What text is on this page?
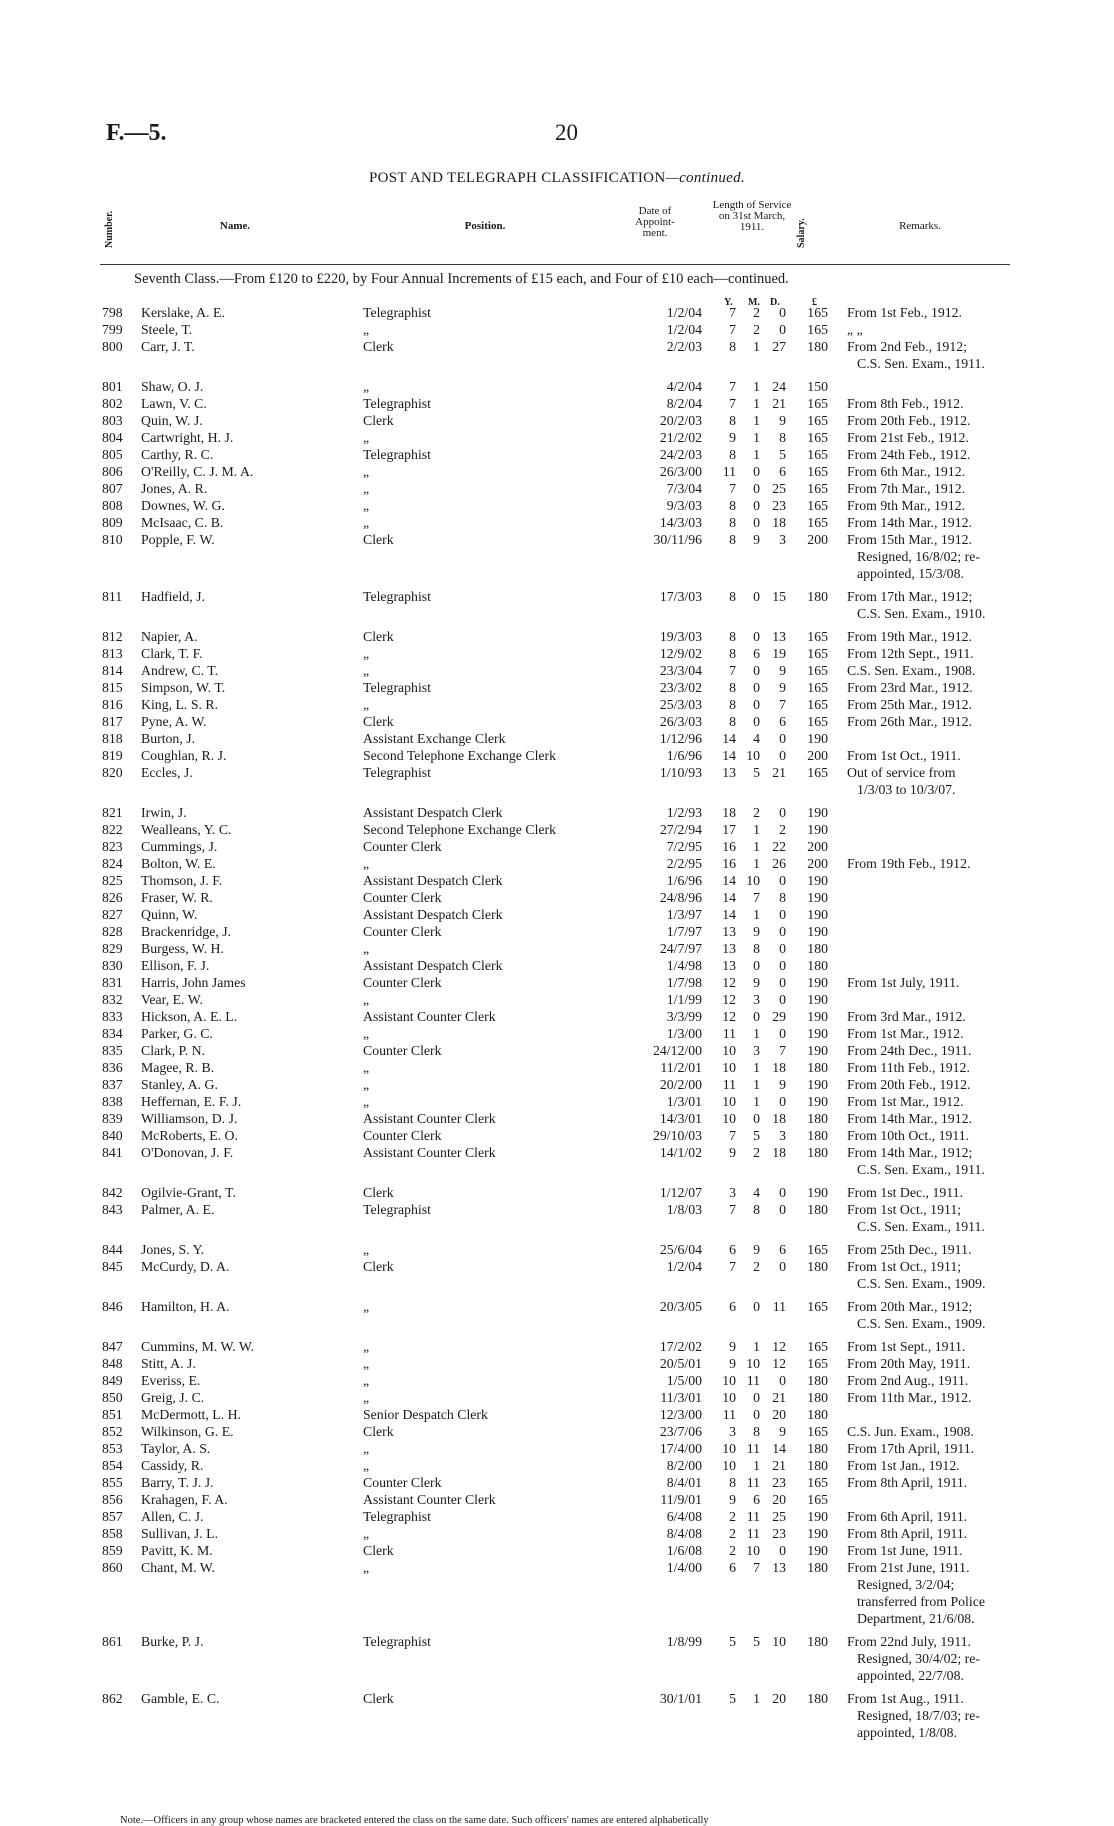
F.—5.	20
POST AND TELEGRAPH CLASSIFICATION—continued.
Number.	Name.	Position.
Date of Appoint- ment.
Length of Service on 31st March, 1911.	Salary.	Remarks.
Seventh Class.—From £120 to £220, by Four Annual Increments of £15 each, and Four of £10 each—continued.
Y. M. D.	£
798	Kerslake, A. E.	Telegraphist	1/2/04	7	2	0	165 From 1st Feb., 1912.
799	Steele, T.	„	1/2/04	7	2	0	165 „ „
800	Carr, J. T.	Clerk	2/2/03	8	1 27	180 From 2nd Feb., 1912;
C.S. Sen. Exam., 1911.
801	Shaw, O. J.	„	4/2/04	7	1 24	150
802	Lawn, V. C.	Telegraphist	8/2/04	7	1 21	165 From 8th Feb., 1912.
803	Quin, W. J.	Clerk	20/2/03	8	1	9	165 From 20th Feb., 1912.
804	Cartwright, H. J.	„	21/2/02	9	1	8	165 From 21st Feb., 1912.
805	Carthy, R. C.	Telegraphist	24/2/03	8	1	5	165 From 24th Feb., 1912.
806	O'Reilly, C. J. M. A.	„	26/3/00	11	0	6	165 From 6th Mar., 1912.
807	Jones, A. R.	„	7/3/04	7	0 25	165 From 7th Mar., 1912.
808	Downes, W. G.	„	9/3/03	8	0 23	165 From 9th Mar., 1912.
809	McIsaac, C. B.	„	14/3/03	8	0 18	165 From 14th Mar., 1912.
810	Popple, F. W.	Clerk	30/11/96	8	9	3	200 From 15th Mar., 1912.
Resigned, 16/8/02; re-
appointed, 15/3/08.
811	Hadfield, J.	Telegraphist	17/3/03	8	0 15	180 From 17th Mar., 1912;
C.S. Sen. Exam., 1910.
812	Napier, A.	Clerk	19/3/03	8	0 13	165 From 19th Mar., 1912.
813	Clark, T. F.	„	12/9/02	8	6 19	165 From 12th Sept., 1911.
814	Andrew, C. T.	„	23/3/04	7	0	9	165 C.S. Sen. Exam., 1908.
815	Simpson, W. T.	Telegraphist	23/3/02	8	0	9	165 From 23rd Mar., 1912.
816	King, L. S. R.	„	25/3/03	8	0	7	165 From 25th Mar., 1912.
817	Pyne, A. W.	Clerk	26/3/03	8	0	6	165 From 26th Mar., 1912.
818	Burton, J.	Assistant Exchange Clerk	1/12/96	14	4	0	190
819	Coughlan, R. J.	Second Telephone Exchange Clerk	1/6/96	14 10	0	200 From 1st Oct., 1911.
820	Eccles, J.	Telegraphist	1/10/93	13	5 21	165 Out of service from
1/3/03 to 10/3/07.
821	Irwin, J.	Assistant Despatch Clerk	1/2/93	18	2	0	190
822	Wealleans, Y. C.	Second Telephone Exchange Clerk	27/2/94	17	1	2	190
823	Cummings, J.	Counter Clerk	7/2/95	16	1 22	200
824	Bolton, W. E.	„	2/2/95	16	1 26	200 From 19th Feb., 1912.
825	Thomson, J. F.	Assistant Despatch Clerk	1/6/96	14 10	0	190
826	Fraser, W. R.	Counter Clerk	24/8/96	14	7	8	190
827	Quinn, W.	Assistant Despatch Clerk	1/3/97	14	1	0	190
828	Brackenridge, J.	Counter Clerk	1/7/97	13	9	0	190
829	Burgess, W. H.	„	24/7/97	13	8	0	180
830	Ellison, F. J.	Assistant Despatch Clerk	1/4/98	13	0	0	180
831	Harris, John James	Counter Clerk	1/7/98	12	9	0	190 From 1st July, 1911.
832	Vear, E. W.	„	1/1/99	12	3	0	190
833	Hickson, A. E. L.	Assistant Counter Clerk	3/3/99	12	0 29	190 From 3rd Mar., 1912.
834	Parker, G. C.	„	1/3/00	11	1	0	190 From 1st Mar., 1912.
835	Clark, P. N.	Counter Clerk	24/12/00	10	3	7	190 From 24th Dec., 1911.
836	Magee, R. B.	„	11/2/01	10	1 18	180 From 11th Feb., 1912.
837	Stanley, A. G.	„	20/2/00	11	1	9	190 From 20th Feb., 1912.
838	Heffernan, E. F. J.	„	1/3/01	10	1	0	190 From 1st Mar., 1912.
839	Williamson, D. J.	Assistant Counter Clerk	14/3/01	10	0 18	180 From 14th Mar., 1912.
840	McRoberts, E. O.	Counter Clerk	29/10/03	7	5	3	180 From 10th Oct., 1911.
841	O'Donovan, J. F.	Assistant Counter Clerk	14/1/02	9	2 18	180 From 14th Mar., 1912;
C.S. Sen. Exam., 1911.
842	Ogilvie-Grant, T.	Clerk	1/12/07	3	4	0	190 From 1st Dec., 1911.
843	Palmer, A. E.	Telegraphist	1/8/03	7	8	0	180 From 1st Oct., 1911;
C.S. Sen. Exam., 1911.
844	Jones, S. Y.	„	25/6/04	6	9	6	165 From 25th Dec., 1911.
845	McCurdy, D. A.	Clerk	1/2/04	7	2	0	180 From 1st Oct., 1911;
C.S. Sen. Exam., 1909.
846	Hamilton, H. A.	„	20/3/05	6	0 11	165 From 20th Mar., 1912;
C.S. Sen. Exam., 1909.
847	Cummins, M. W. W.	„	17/2/02	9	1 12	165 From 1st Sept., 1911.
848	Stitt, A. J.	„	20/5/01	9 10 12	165 From 20th May, 1911.
849	Everiss, E.	„	1/5/00	10 11	0	180 From 2nd Aug., 1911.
850	Greig, J. C.	„	11/3/01	10	0 21	180 From 11th Mar., 1912.
851	McDermott, L. H.	Senior Despatch Clerk	12/3/00	11	0 20	180
852	Wilkinson, G. E.	Clerk	23/7/06	3	8	9	165 C.S. Jun. Exam., 1908.
853	Taylor, A. S.	„	17/4/00	10 11 14	180 From 17th April, 1911.
854	Cassidy, R.	„	8/2/00	10	1 21	180 From 1st Jan., 1912.
855	Barry, T. J. J.	Counter Clerk	8/4/01	8 11 23	165 From 8th April, 1911.
856	Krahagen, F. A.	Assistant Counter Clerk	11/9/01	9	6 20	165
857	Allen, C. J.	Telegraphist	6/4/08	2 11 25	190 From 6th April, 1911.
858	Sullivan, J. L.	„	8/4/08	2 11 23	190 From 8th April, 1911.
859	Pavitt, K. M.	Clerk	1/6/08	2 10	0	190 From 1st June, 1911.
860	Chant, M. W.	„	1/4/00	6	7 13	180 From 21st June, 1911.
Resigned, 3/2/04;
transferred from Police
Department, 21/6/08.
861	Burke, P. J.	Telegraphist	1/8/99	5	5 10	180 From 22nd July, 1911.
Resigned, 30/4/02; re-
appointed, 22/7/08.
862	Gamble, E. C.	Clerk	30/1/01	5	1 20	180 From 1st Aug., 1911.
Resigned, 18/7/03; re-
appointed, 1/8/08.
Note.—Officers in any group whose names are bracketed entered the class on the same date. Such officers' names are entered alphabetically
